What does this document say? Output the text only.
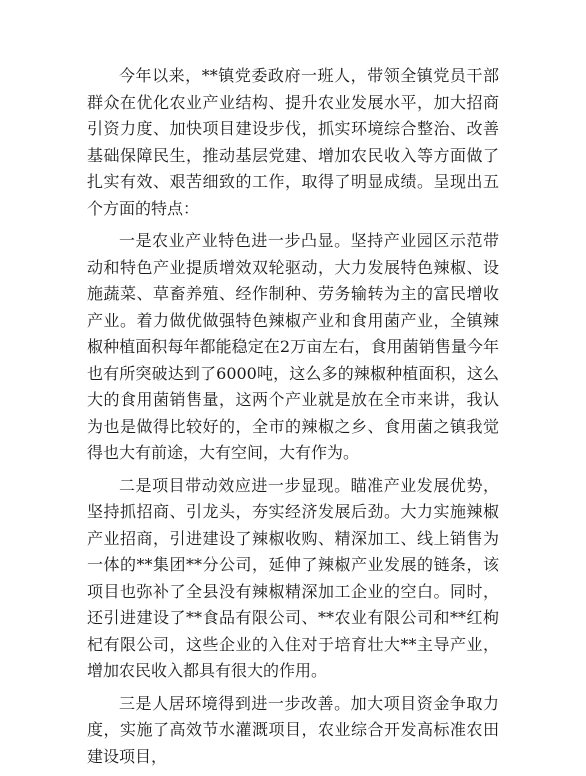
今年以来，**镇党委政府一班人，带领全镇党员干部群众在优化农业产业结构、提升农业发展水平，加大招商引资力度、加快项目建设步伐，抓实环境综合整治、改善基础保障民生，推动基层党建、增加农民收入等方面做了扎实有效、艰苦细致的工作，取得了明显成绩。呈现出五个方面的特点：

一是农业产业特色进一步凸显。坚持产业园区示范带动和特色产业提质增效双轮驱动，大力发展特色辣椒、设施蔬菜、草畜养殖、经作制种、劳务输转为主的富民增收产业。着力做优做强特色辣椒产业和食用菌产业，全镇辣椒种植面积每年都能稳定在2万亩左右，食用菌销售量今年也有所突破达到了6000吨，这么多的辣椒种植面积，这么大的食用菌销售量，这两个产业就是放在全市来讲，我认为也是做得比较好的，全市的辣椒之乡、食用菌之镇我觉得也大有前途，大有空间，大有作为。

二是项目带动效应进一步显现。瞄准产业发展优势，坚持抓招商、引龙头，夯实经济发展后劲。大力实施辣椒产业招商，引进建设了辣椒收购、精深加工、线上销售为一体的**集团**分公司，延伸了辣椒产业发展的链条，该项目也弥补了全县没有辣椒精深加工企业的空白。同时，还引进建设了**食品有限公司、**农业有限公司和**红枸杞有限公司，这些企业的入住对于培育壮大**主导产业，增加农民收入都具有很大的作用。

三是人居环境得到进一步改善。加大项目资金争取力度，实施了高效节水灌溉项目，农业综合开发高标准农田建设项目，
